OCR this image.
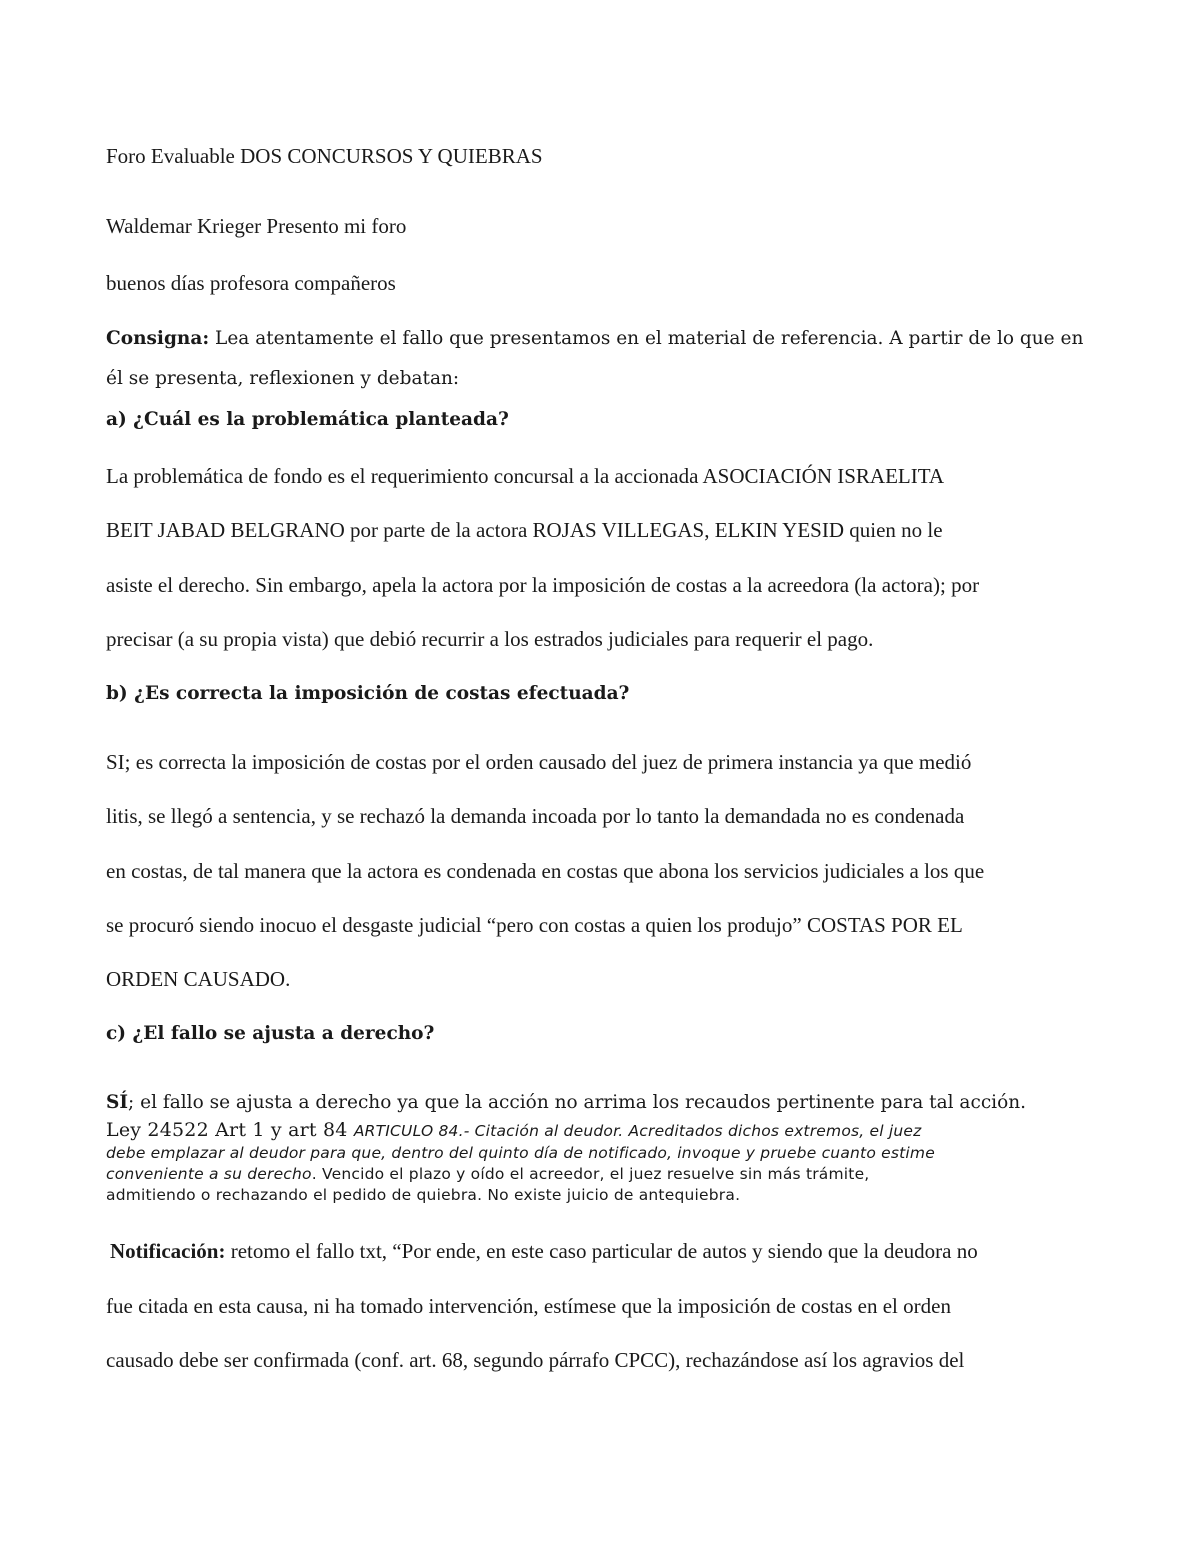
Foro Evaluable DOS CONCURSOS Y QUIEBRAS

Waldemar Krieger Presento mi foro

buenos días profesora compañeros

Consigna: Lea atentamente el fallo que presentamos en el material de referencia. A partir de lo que en

él se presenta, reflexionen y debatan:

a) ¿Cuál es la problemática planteada?

La problemática de fondo es el requerimiento concursal a la accionada ASOCIACIÓN ISRAELITA

BEIT JABAD BELGRANO por parte de la actora ROJAS VILLEGAS, ELKIN YESID quien no le

asiste el derecho. Sin embargo, apela la actora por la imposición de costas a la acreedora (la actora); por

precisar (a su propia vista) que debió recurrir a los estrados judiciales para requerir el pago.

b) ¿Es correcta la imposición de costas efectuada?

SI; es correcta la imposición de costas por el orden causado del juez de primera instancia ya que medió

litis, se llegó a sentencia, y se rechazó la demanda incoada por lo tanto la demandada no es condenada

en costas, de tal manera que la actora es condenada en costas que abona los servicios judiciales a los que

se procuró siendo inocuo el desgaste judicial “pero con costas a quien los produjo” COSTAS POR EL

ORDEN CAUSADO.

c) ¿El fallo se ajusta a derecho?

SÍ; el fallo se ajusta a derecho ya que la acción no arrima los recaudos pertinente para tal acción.

Ley 24522 Art 1 y art 84 ARTICULO 84.- Citación al deudor. Acreditados dichos extremos, el juez

debe emplazar al deudor para que, dentro del quinto día de notificado, invoque y pruebe cuanto estime

conveniente a su derecho. Vencido el plazo y oído el acreedor, el juez resuelve sin más trámite,

admitiendo o rechazando el pedido de quiebra. No existe juicio de antequiebra.

Notificación: retomo el fallo txt, “Por ende, en este caso particular de autos y siendo que la deudora no

fue citada en esta causa, ni ha tomado intervención, estímese que la imposición de costas en el orden

causado debe ser confirmada (conf. art. 68, segundo párrafo CPCC), rechazándose así los agravios del
